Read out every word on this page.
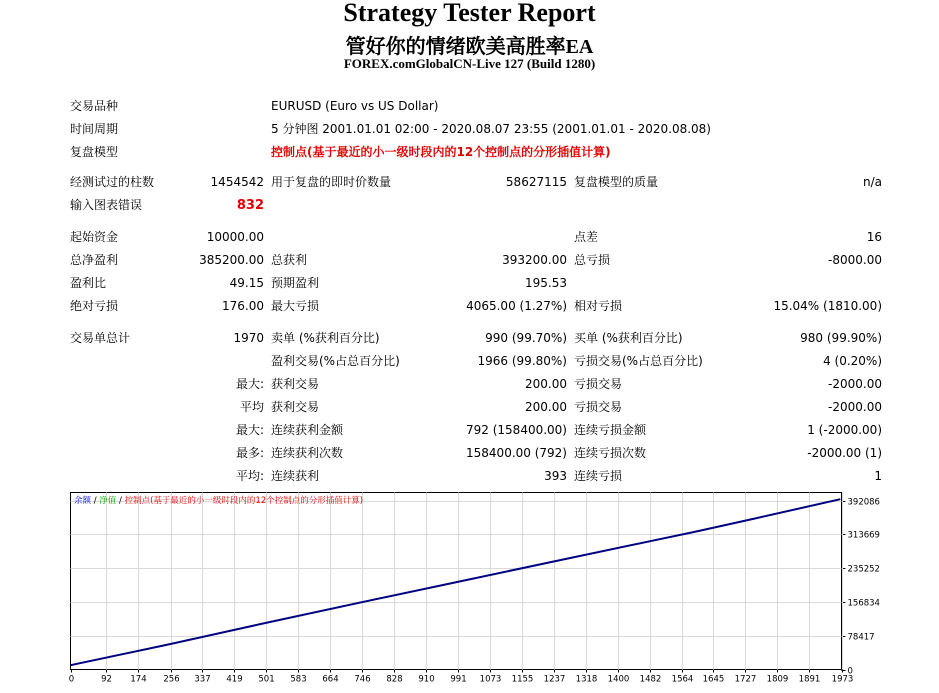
Strategy Tester Report
管好你的情绪欧美高胜率EA
FOREX.comGlobalCN-Live 127 (Build 1280)
交易品种	EURUSD (Euro vs US Dollar)
时间周期	5 分钟图 2001.01.01 02:00 - 2020.08.07 23:55 (2001.01.01 - 2020.08.08)
复盘模型	控制点(基于最近的小一级时段内的12个控制点的分形插值计算)
经测试过的柱数	1454542 用于复盘的即时价数量	58627115 复盘模型的质量	n/a
输入图表错误	832
起始资金	10000.00	点差	16
总净盈利	385200.00 总获利	393200.00 总亏损	-8000.00
盈利比	49.15 预期盈利	195.53
绝对亏损	176.00 最大亏损	4065.00 (1.27%) 相对亏损	15.04% (1810.00)
交易单总计	1970 卖单 (%获利百分比)	990 (99.70%) 买单 (%获利百分比)	980 (99.90%)
盈利交易(%占总百分比)	1966 (99.80%) 亏损交易(%占总百分比)	4 (0.20%)
最大: 获利交易	200.00 亏损交易	-2000.00
平均 获利交易	200.00 亏损交易	-2000.00
最大: 连续获利金额	792 (158400.00) 连续亏损金额	1 (-2000.00)
最多: 连续获利次数	158400.00 (792) 连续亏损次数	-2000.00 (1)
平均: 连续获利	393 连续亏损	1
0
78417
156834
235252
313669
392086
0	92 174 256 337 419 501 583 664 746 828 910 991 1073 1155 1237 1318 1400 1482 1564 1645 1727 1809 1891 1973
余额 / 净值 / 控制点(基于最近的小一级时段内的12个控制点的分形插值计算)
